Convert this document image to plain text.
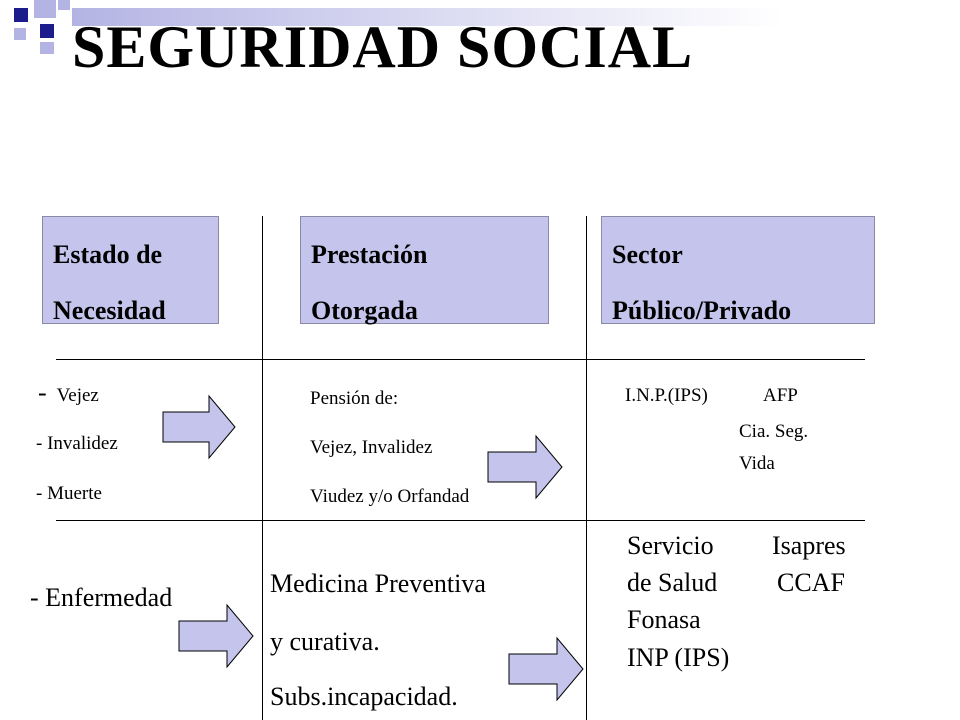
SEGURIDAD SOCIAL
Estado de
Necesidad
Prestación
Otorgada
Sector
Público/Privado
- Vejez
- Invalidez
- Muerte
Pensión de:
Vejez, Invalidez
Viudez y/o Orfandad
I.N.P.(IPS)	AFP
Cia. Seg.
Vida
- Enfermedad	Medicina Preventiva
y curativa.
Subs.incapacidad.
Servicio Isapres
de Salud CCAF
Fonasa
INP (IPS)
